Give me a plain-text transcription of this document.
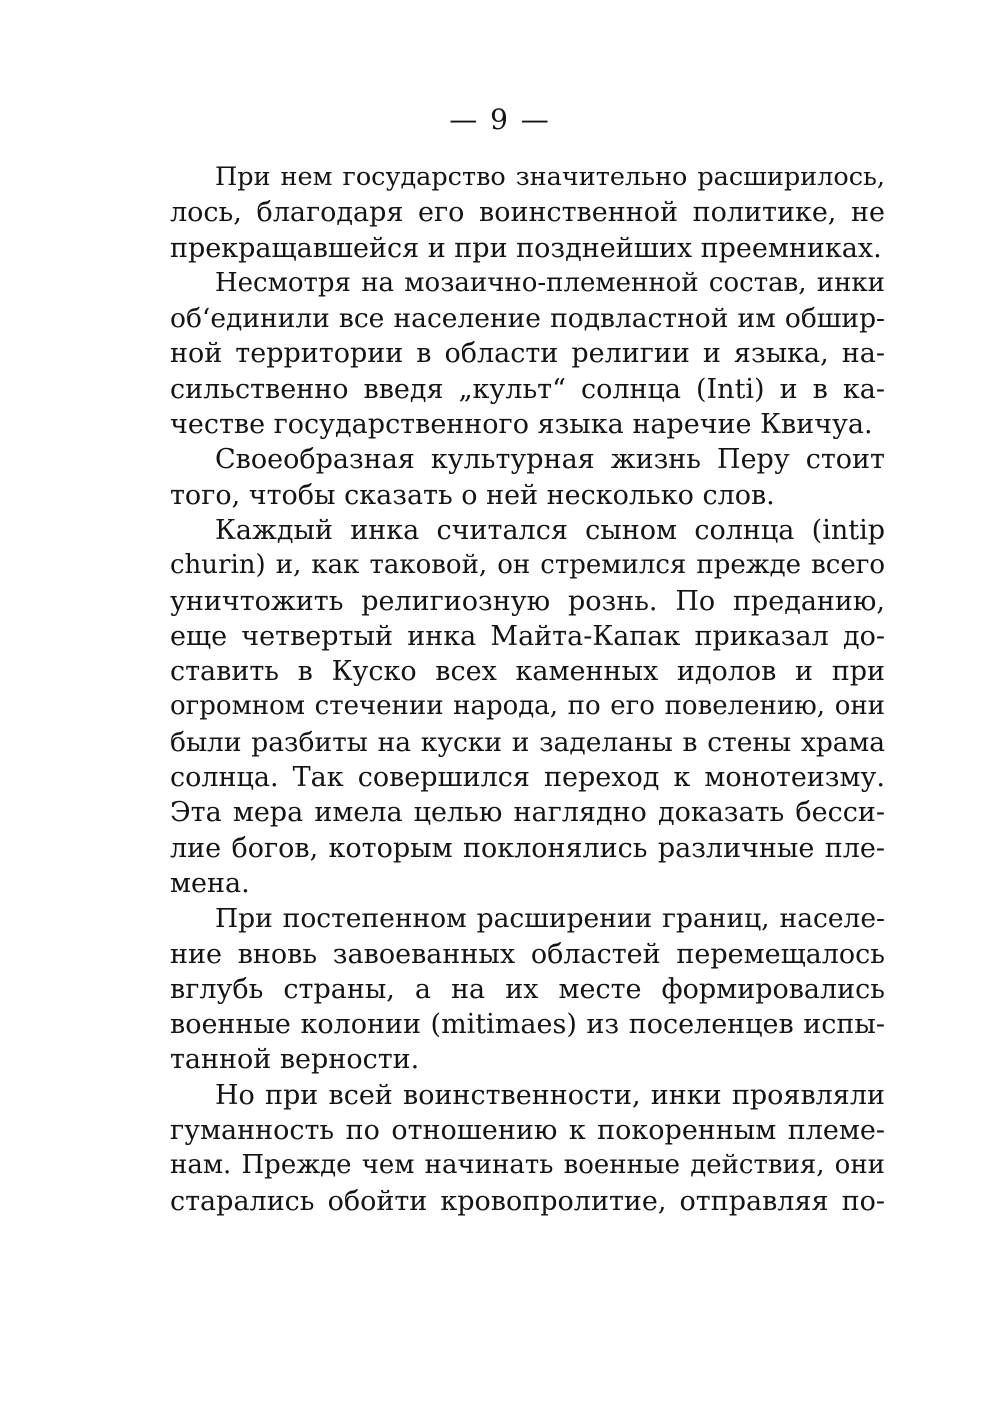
— 9 —
При нем государство значительно расширилось,
лось, благодаря его воинственной политике, не
прекращавшейся и при позднейших преемниках.
Несмотря на мозаично-племенной состав, инки
об‘единили все население подвластной им обшир-
ной территории в области религии и языка, на-
сильственно введя „культ“ солнца (Inti) и в ка-
честве государственного языка наречие Квичуа.
Своеобразная культурная жизнь Перу стоит
того, чтобы сказать о ней несколько слов.
Каждый инка считался сыном солнца (intip
churin) и, как таковой, он стремился прежде всего
уничтожить религиозную рознь. По преданию,
еще четвертый инка Майта-Капак приказал до-
ставить в Куско всех каменных идолов и при
огромном стечении народа, по его повелению, они
были разбиты на куски и заделаны в стены храма
солнца. Так совершился переход к монотеизму.
Эта мера имела целью наглядно доказать бесси-
лие богов, которым поклонялись различные пле-
мена.
При постепенном расширении границ, населе-
ние вновь завоеванных областей перемещалось
вглубь страны, а на их месте формировались
военные колонии (mitimaes) из поселенцев испы-
танной верности.
Но при всей воинственности, инки проявляли
гуманность по отношению к покоренным племе-
нам. Прежде чем начинать военные действия, они
старались обойти кровопролитие, отправляя по-
